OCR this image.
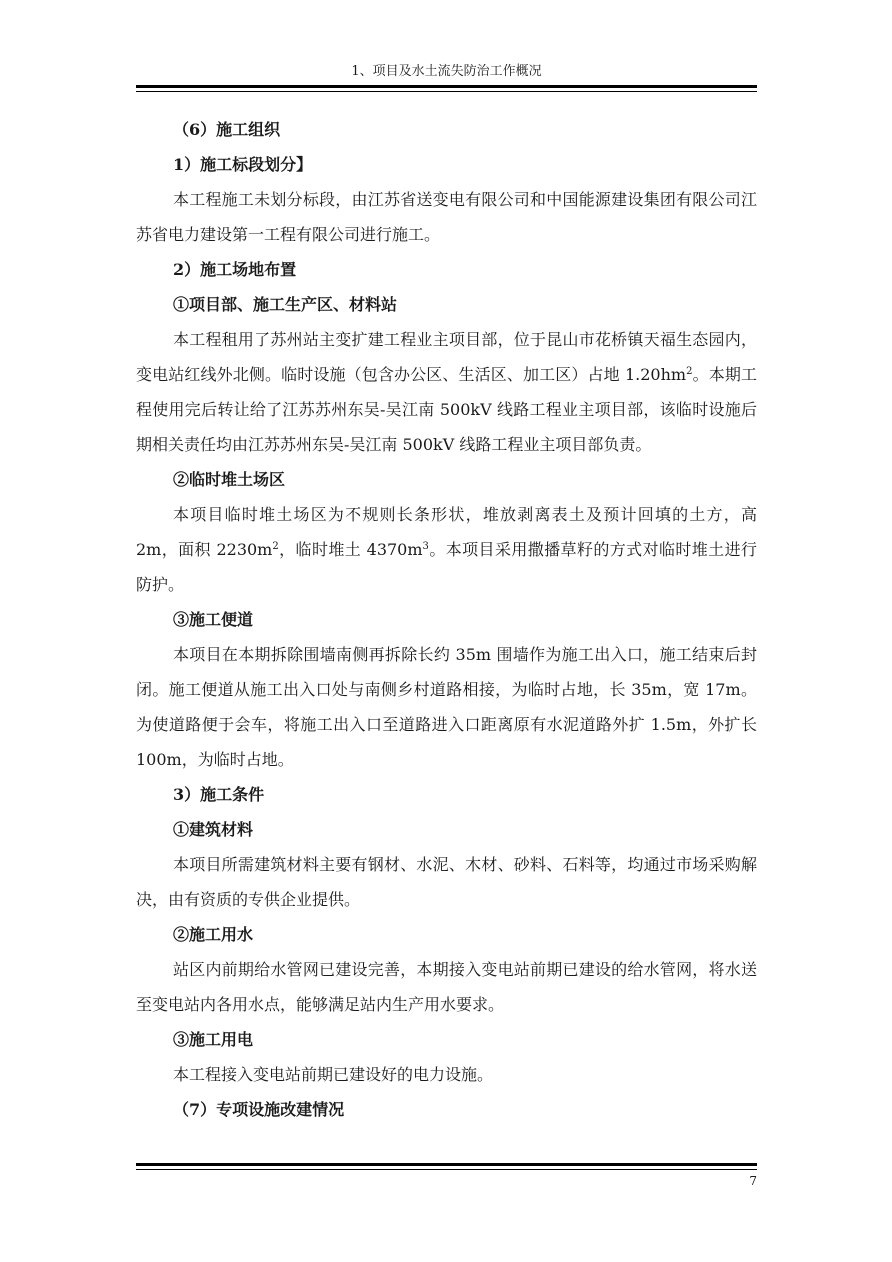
1、项目及水土流失防治工作概况

（6）施工组织

1）施工标段划分】

本工程施工未划分标段，由江苏省送变电有限公司和中国能源建设集团有限公司江苏省电力建设第一工程有限公司进行施工。

2）施工场地布置

①项目部、施工生产区、材料站

本工程租用了苏州站主变扩建工程业主项目部，位于昆山市花桥镇天福生态园内，变电站红线外北侧。临时设施（包含办公区、生活区、加工区）占地 $1.20hm^2$。本期工程使用完后转让给了江苏苏州东吴-吴江南 500kV 线路工程业主项目部，该临时设施后期相关责任均由江苏苏州东吴-吴江南 500kV 线路工程业主项目部负责。

②临时堆土场区

本项目临时堆土场区为不规则长条形状，堆放剥离表土及预计回填的土方，高 2m，面积 $2230m^2$，临时堆土 $4370m^3$。本项目采用撒播草籽的方式对临时堆土进行防护。

③施工便道

本项目在本期拆除围墙南侧再拆除长约 35m 围墙作为施工出入口，施工结束后封闭。施工便道从施工出入口处与南侧乡村道路相接，为临时占地，长 35m，宽 17m。为使道路便于会车，将施工出入口至道路进入口距离原有水泥道路外扩 1.5m，外扩长 100m，为临时占地。

3）施工条件

①建筑材料

本项目所需建筑材料主要有钢材、水泥、木材、砂料、石料等，均通过市场采购解决，由有资质的专供企业提供。

②施工用水

站区内前期给水管网已建设完善，本期接入变电站前期已建设的给水管网，将水送至变电站内各用水点，能够满足站内生产用水要求。

③施工用电

本工程接入变电站前期已建设好的电力设施。

（7）专项设施改建情况

7
